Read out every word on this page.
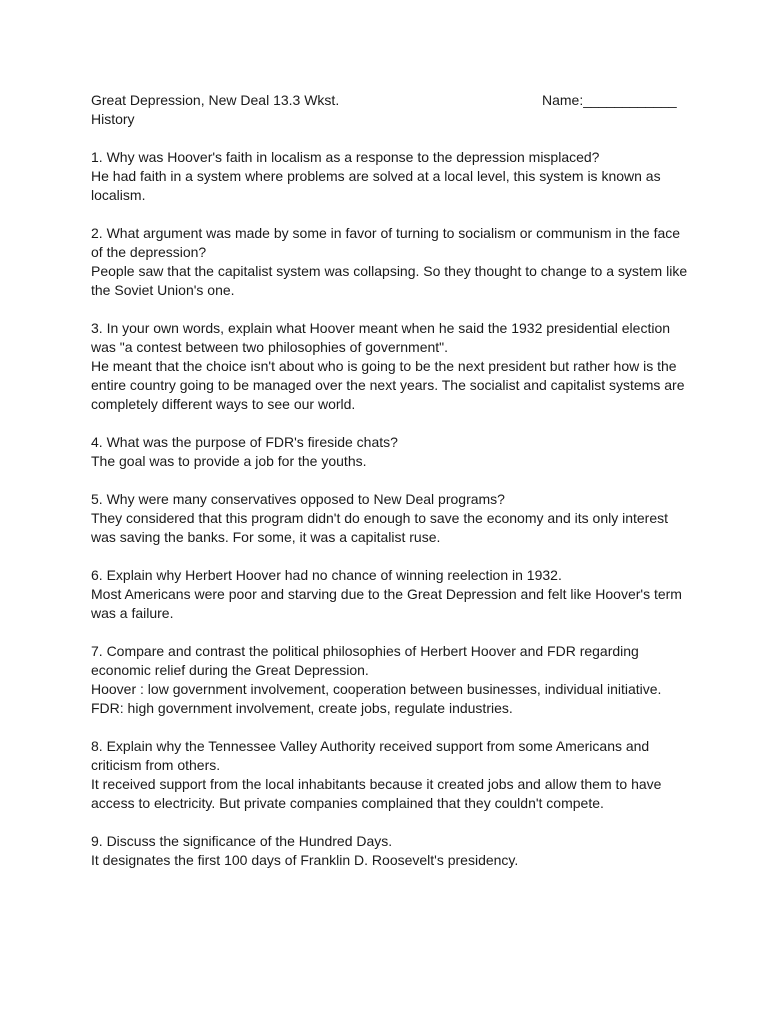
Great Depression, New Deal 13.3 Wkst.	Name:____________
History

1. Why was Hoover's faith in localism as a response to the depression misplaced?

He had faith in a system where problems are solved at a local level, this system is known as localism.

2. What argument was made by some in favor of turning to socialism or communism in the face of the depression?

People saw that the capitalist system was collapsing. So they thought to change to a system like the Soviet Union's one.

3. In your own words, explain what Hoover meant when he said the 1932 presidential election was "a contest between two philosophies of government".

He meant that the choice isn't about who is going to be the next president but rather how is the entire country going to be managed over the next years. The socialist and capitalist systems are completely different ways to see our world.

4. What was the purpose of FDR's fireside chats?

The goal was to provide a job for the youths.

5. Why were many conservatives opposed to New Deal programs?

They considered that this program didn't do enough to save the economy and its only interest was saving the banks. For some, it was a capitalist ruse.

6. Explain why Herbert Hoover had no chance of winning reelection in 1932.

Most Americans were poor and starving due to the Great Depression and felt like Hoover's term was a failure.

7. Compare and contrast the political philosophies of Herbert Hoover and FDR regarding economic relief during the Great Depression.

Hoover : low government involvement, cooperation between businesses, individual initiative. FDR: high government involvement, create jobs, regulate industries.

8. Explain why the Tennessee Valley Authority received support from some Americans and criticism from others.

It received support from the local inhabitants because it created jobs and allow them to have access to electricity. But private companies complained that they couldn't compete.

9. Discuss the significance of the Hundred Days.

It designates the first 100 days of Franklin D. Roosevelt's presidency.
